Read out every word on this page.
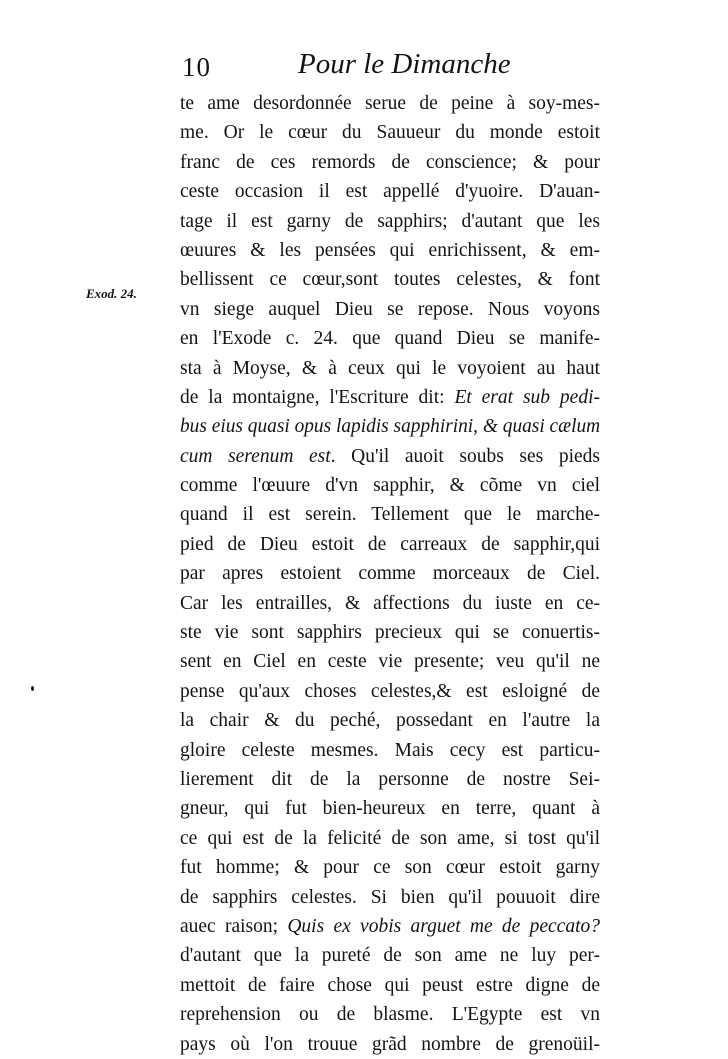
10	Pour le Dimanche
Exod. 24.
te ame desordonnée serue de peine à soy-mes-
me. Or le cœur du Sauueur du monde estoit
franc de ces remords de conscience; & pour
ceste occasion il est appellé d'yuoire. D'auan-
tage il est garny de sapphirs; d'autant que les
œuures & les pensées qui enrichissent, & em-
bellissent ce cœur,sont toutes celestes, & font
vn siege auquel Dieu se repose. Nous voyons
en l'Exode c. 24. que quand Dieu se manife-
sta à Moyse, & à ceux qui le voyoient au haut
de la montaigne, l'Escriture dit: Et erat sub pedi-
bus eius quasi opus lapidis sapphirini, & quasi cælum
cum serenum est. Qu'il auoit soubs ses pieds
comme l'œuure d'vn sapphir, & cõme vn ciel
quand il est serein. Tellement que le marche-
pied de Dieu estoit de carreaux de sapphir,qui
par apres estoient comme morceaux de Ciel.
Car les entrailles, & affections du iuste en ce-
ste vie sont sapphirs precieux qui se conuertis-
sent en Ciel en ceste vie presente; veu qu'il ne
pense qu'aux choses celestes,& est esloigné de
la chair & du peché, possedant en l'autre la
gloire celeste mesmes. Mais cecy est particu-
lierement dit de la personne de nostre Sei-
gneur, qui fut bien-heureux en terre, quant à
ce qui est de la felicité de son ame, si tost qu'il
fut homme; & pour ce son cœur estoit garny
de sapphirs celestes. Si bien qu'il pouuoit dire
auec raison; Quis ex vobis arguet me de peccato?
d'autant que la pureté de son ame ne luy per-
mettoit de faire chose qui peust estre digne de
reprehension ou de blasme. L'Egypte est vn
pays où l'on trouue grãd nombre de grenoüil-
